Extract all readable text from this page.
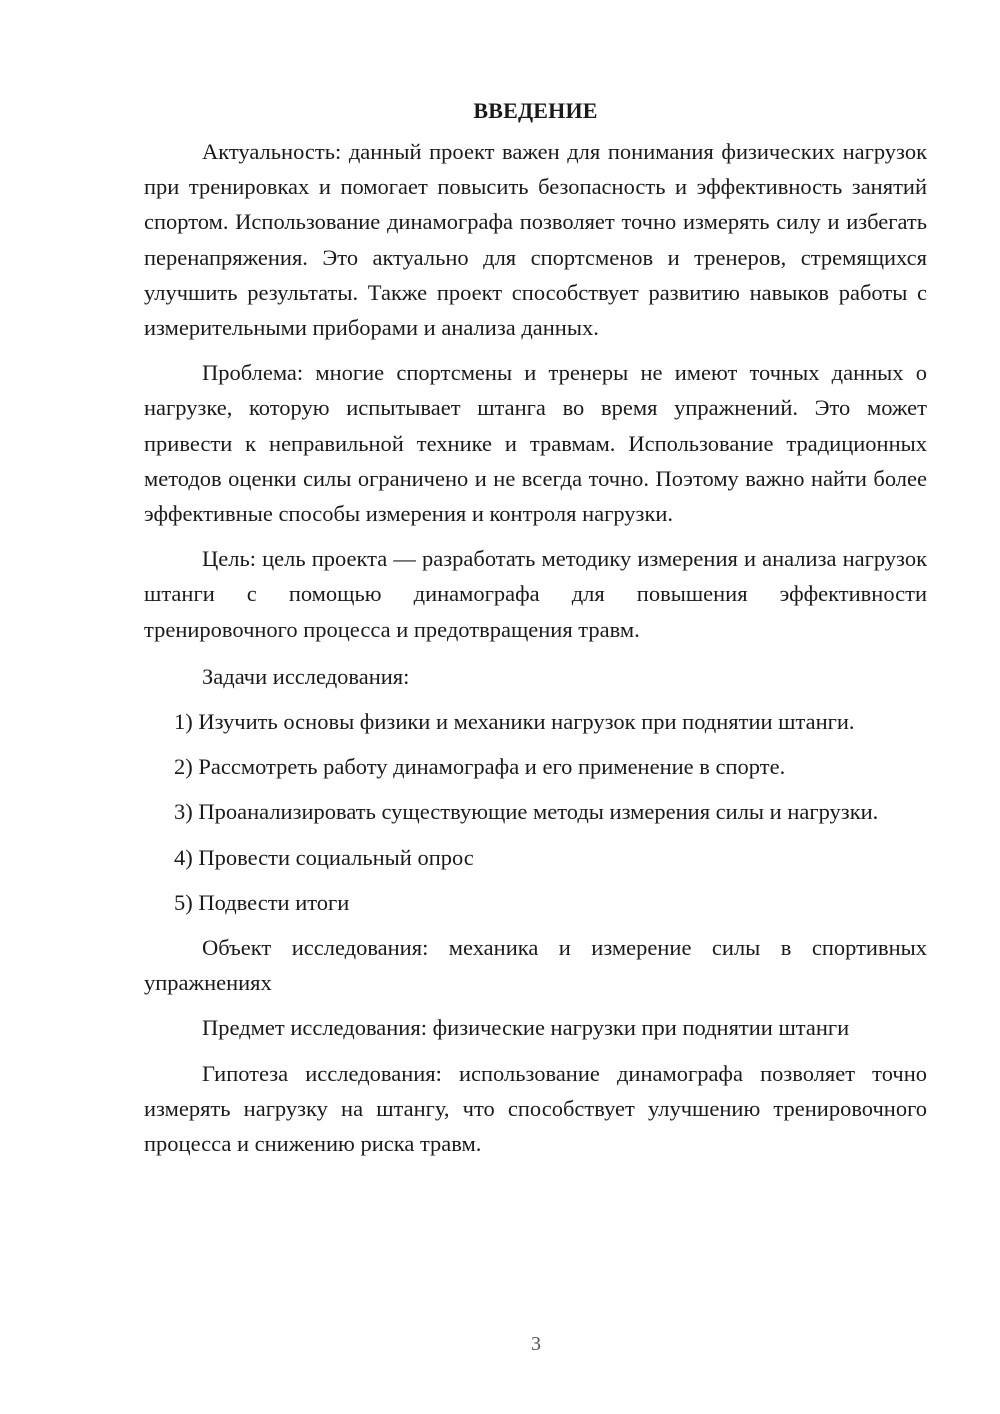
ВВЕДЕНИЕ

Актуальность: данный проект важен для понимания физических нагрузок при тренировках и помогает повысить безопасность и эффективность занятий спортом. Использование динамографа позволяет точно измерять силу и избегать перенапряжения. Это актуально для спортсменов и тренеров, стремящихся улучшить результаты. Также проект способствует развитию навыков работы с измерительными приборами и анализа данных.

Проблема: многие спортсмены и тренеры не имеют точных данных о нагрузке, которую испытывает штанга во время упражнений. Это может привести к неправильной технике и травмам. Использование традиционных методов оценки силы ограничено и не всегда точно. Поэтому важно найти более эффективные способы измерения и контроля нагрузки.

Цель: цель проекта — разработать методику измерения и анализа нагрузок штанги с помощью динамографа для повышения эффективности тренировочного процесса и предотвращения травм.

Задачи исследования:

1) Изучить основы физики и механики нагрузок при поднятии штанги.

2) Рассмотреть работу динамографа и его применение в спорте.

3) Проанализировать существующие методы измерения силы и нагрузки.

4) Провести социальный опрос

5) Подвести итоги

Объект исследования: механика и измерение силы в спортивных упражнениях

Предмет исследования: физические нагрузки при поднятии штанги

Гипотеза исследования: использование динамографа позволяет точно измерять нагрузку на штангу, что способствует улучшению тренировочного процесса и снижению риска травм.

3
